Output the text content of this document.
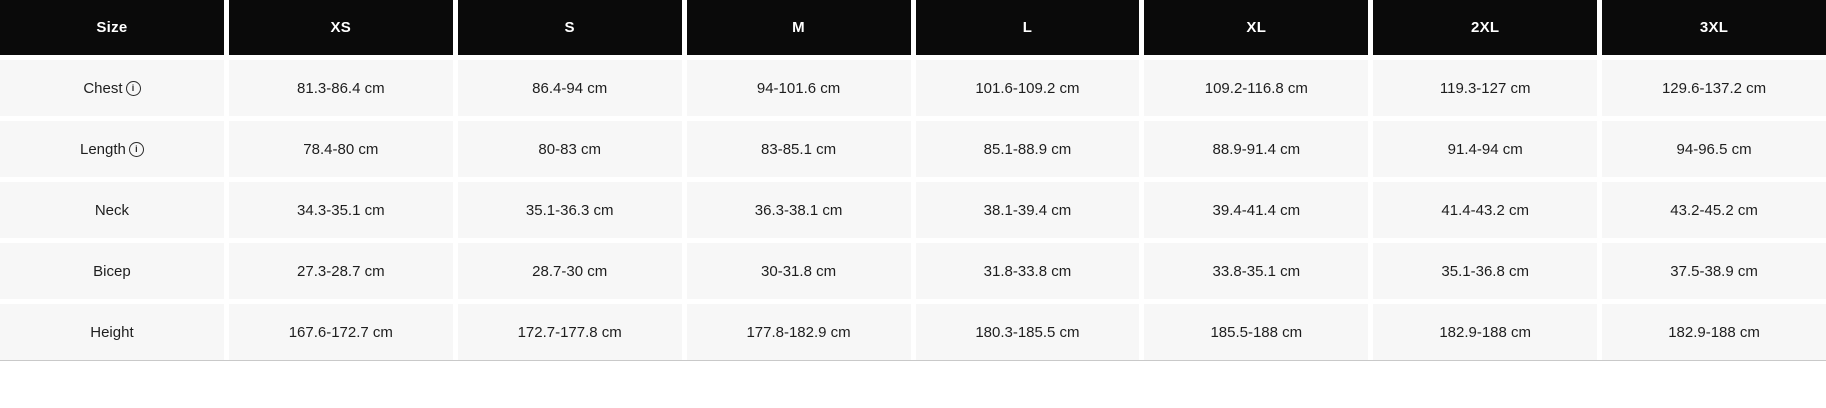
Size	XS	S	M	L	XL	2XL	3XL
Chest	i	81.3-86.4 cm	86.4-94 cm	94-101.6 cm	101.6-109.2 cm	109.2-116.8 cm	119.3-127 cm	129.6-137.2 cm
Length	i	78.4-80 cm	80-83 cm	83-85.1 cm	85.1-88.9 cm	88.9-91.4 cm	91.4-94 cm	94-96.5 cm
Neck	34.3-35.1 cm	35.1-36.3 cm	36.3-38.1 cm	38.1-39.4 cm	39.4-41.4 cm	41.4-43.2 cm	43.2-45.2 cm
Bicep	27.3-28.7 cm	28.7-30 cm	30-31.8 cm	31.8-33.8 cm	33.8-35.1 cm	35.1-36.8 cm	37.5-38.9 cm
Height	167.6-172.7 cm	172.7-177.8 cm	177.8-182.9 cm	180.3-185.5 cm	185.5-188 cm	182.9-188 cm	182.9-188 cm
